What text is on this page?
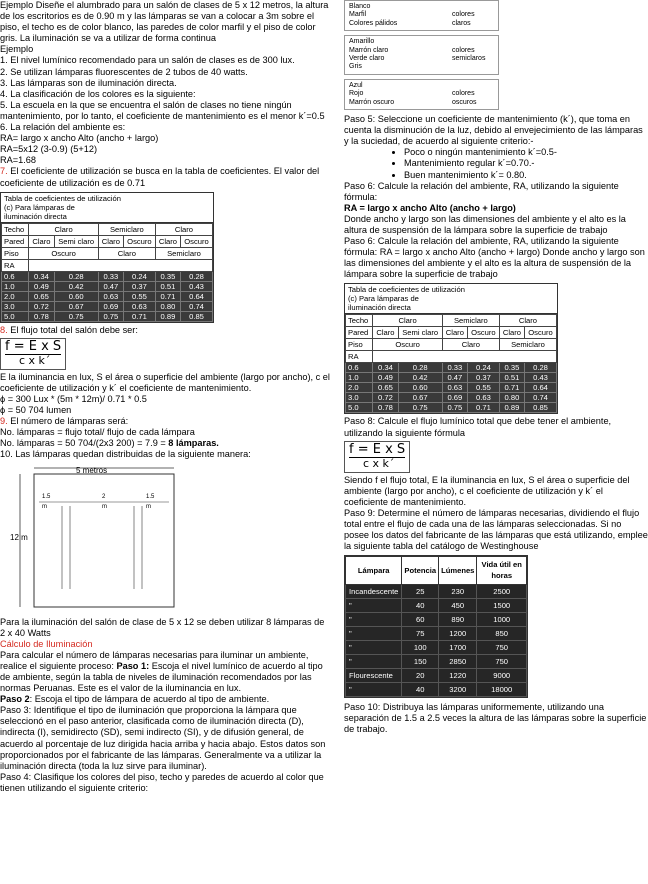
Ejemplo Diseñe el alumbrado para un salón de clases de 5 x 12 metros, la altura de los escritorios es de 0.90 m y las lámparas se van a colocar a 3m sobre el piso, el techo es de color blanco, las paredes de color marfil y el piso de color gris. La iluminación se va a utilizar de forma continua

Ejemplo

1. El nivel lumínico recomendado para un salón de clases es de 300 lux.

2. Se utilizan lámparas fluorescentes de 2 tubos de 40 watts.

3. Las lámparas son de iluminación directa.

4. La clasificación de los colores es la siguiente:

5. La escuela en la que se encuentra el salón de clases no tiene ningún mantenimiento, por lo tanto, el coeficiente de mantenimiento es el menor k´=0.5

6. La relación del ambiente es:

RA= largo x ancho Alto (ancho + largo)

RA=5x12 (3-0.9) (5+12)

RA=1.68

7. El coeficiente de utilización se busca en la tabla de coeficientes. El valor del coeficiente de utilización es de 0.71

Tabla de coeficientes de utilización
(c) Para lámparas de
iluminación directa
Techo	Claro		Semiclaro		Claro	
Pared	Claro	Semi claro	Claro	Oscuro	Claro	Oscuro
Piso	Oscuro		Claro		Semiclaro	
RA						
0.6	0.34	0.28	0.33	0.24	0.35	0.28
1.0	0.49	0.42	0.47	0.37	0.51	0.43
2.0	0.65	0.60	0.63	0.55	0.71	0.64
3.0	0.72	0.67	0.69	0.63	0.80	0.74
5.0	0.78	0.75	0.75	0.71	0.89	0.85

8. El flujo total del salón debe ser:

f = E x S
c x k´

E la iluminancia en lux, S el área o superficie del ambiente (largo por ancho), c el coeficiente de utilización y k´ el coeficiente de mantenimiento.

ϕ = 300 Lux * (5m * 12m)/ 0.71 * 0.5

ϕ = 50 704 lumen

9. El número de lámparas será:

No. lámparas = flujo total/ flujo de cada lámpara

No. lámparas = 50 704/(2x3 200) = 7.9 = 8 lámparas.

10. Las lámparas quedan distribuidas de la siguiente manera:

5 metros
12 m
1.5
m
2
m
1.5
m

Para la iluminación del salón de clase de 5 x 12 se deben utilizar 8 lámparas de 2 x 40 Watts

Cálculo de Iluminación

Para calcular el número de lámparas necesarias para iluminar un ambiente, realice el siguiente proceso: Paso 1: Escoja el nivel lumínico de acuerdo al tipo de ambiente, según la tabla de niveles de iluminación recomendados por las normas Peruanas. Este es el valor de la iluminancia en lux.

Paso 2: Escoja el tipo de lámpara de acuerdo al tipo de ambiente.

Paso 3: Identifique el tipo de iluminación que proporciona la lámpara que seleccionó en el paso anterior, clasificada como de iluminación directa (D), indirecta (I), semidirecto (SD), semi indirecto (SI), y de difusión general, de acuerdo al porcentaje de luz dirigida hacia arriba y hacia abajo. Estos datos son proporcionados por el fabricante de las lámparas. Generalmente va a utilizar la iluminación directa (toda la luz sirve para iluminar).

Paso 4: Clasifique los colores del piso, techo y paredes de acuerdo al color que tienen utilizando el siguiente criterio:

Blanco
Marfil	colores
Colores pálidos	claros
Amarillo
Marrón claro	colores
Verde claro	semiclaros
Gris
Azul
Rojo	colores
Marrón oscuro	oscuros

Paso 5: Seleccione un coeficiente de mantenimiento (k´), que toma en cuenta la disminución de la luz, debido al envejecimiento de las lámparas y la suciedad, de acuerdo al siguiente criterio:-

• Poco o ningún mantenimiento k´=0.5-
• Mantenimiento regular k´=0.70.-
• Buen mantenimiento k´= 0.80.

Paso 6: Calcule la relación del ambiente, RA, utilizando la siguiente fórmula:

RA = largo x ancho Alto (ancho + largo)

Donde ancho y largo son las dimensiones del ambiente y el alto es la altura de suspensión de la lámpara sobre la superficie de trabajo

Paso 6: Calcule la relación del ambiente, RA, utilizando la siguiente fórmula: RA = largo x ancho Alto (ancho + largo) Donde ancho y largo son las dimensiones del ambiente y el alto es la altura de suspensión de la lámpara sobre la superficie de trabajo

Tabla de coeficientes de utilización
(c) Para lámparas de
iluminación directa
Techo	Claro		Semiclaro		Claro	
Pared	Claro	Semi claro	Claro	Oscuro	Claro	Oscuro
Piso	Oscuro		Claro		Semiclaro	
RA						
0.6	0.34	0.28	0.33	0.24	0.35	0.28
1.0	0.49	0.42	0.47	0.37	0.51	0.43
2.0	0.65	0.60	0.63	0.55	0.71	0.64
3.0	0.72	0.67	0.69	0.63	0.80	0.74
5.0	0.78	0.75	0.75	0.71	0.89	0.85

Paso 8: Calcule el flujo lumínico total que debe tener el ambiente, utilizando la siguiente fórmula

f = E x S
c x k´

Siendo f el flujo total, E la iluminancia en lux, S el área o superficie del ambiente (largo por ancho), c el coeficiente de utilización y k´ el coeficiente de mantenimiento.

Paso 9: Determine el número de lámparas necesarias, dividiendo el flujo total entre el flujo de cada una de las lámparas seleccionadas. Si no posee los datos del fabricante de las lámparas que está utilizando, emplee la siguiente tabla del catálogo de Westinghouse

Lámpara	Potencia	Lúmenes	Vida útil en horas
Incandescente	25	230	2500
"	40	450	1500
"	60	890	1000
"	75	1200	850
"	100	1700	750
"	150	2850	750
Flourescente	20	1220	9000
"	40	3200	18000

Paso 10: Distribuya las lámparas uniformemente, utilizando una separación de 1.5 a 2.5 veces la altura de las lámparas sobre la superficie de trabajo.
